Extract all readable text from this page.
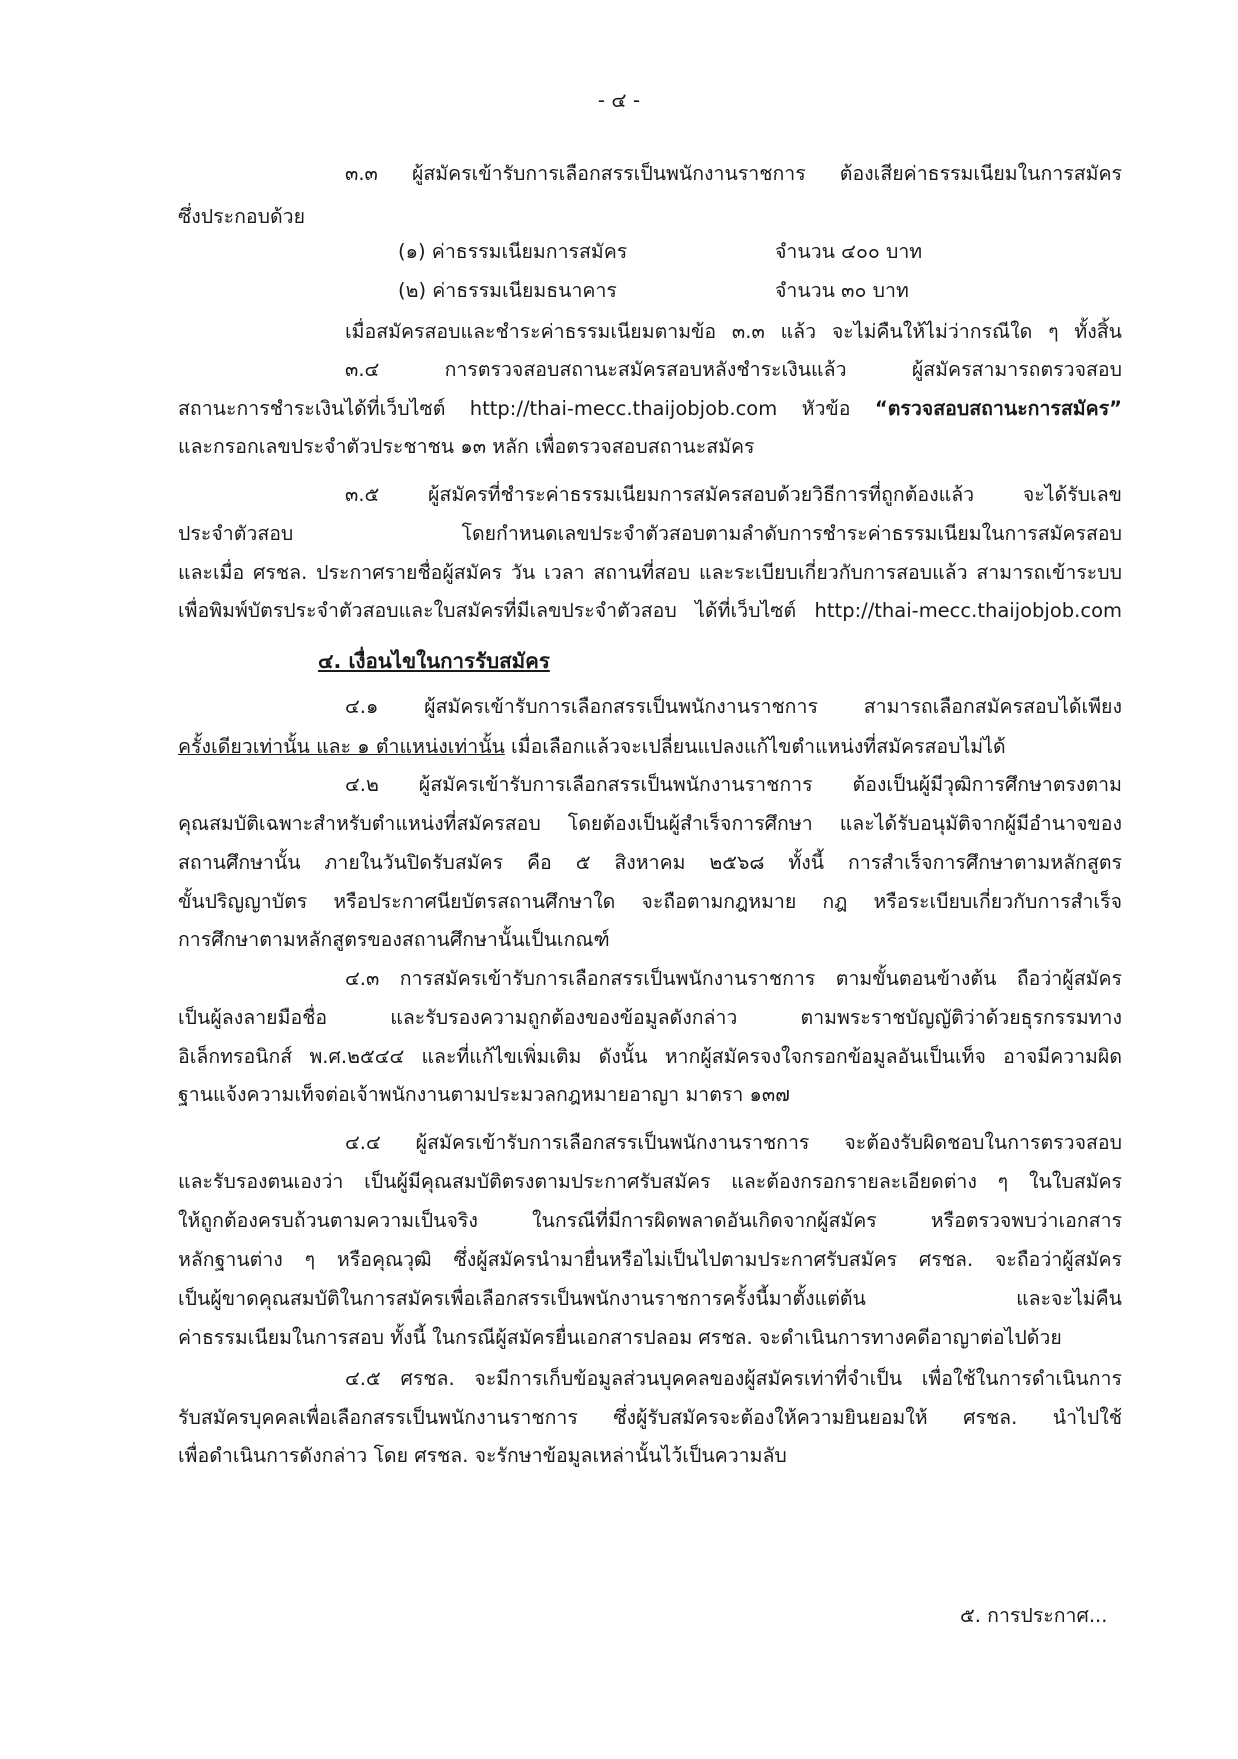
- ๔ -
๓.๓ ผู้สมัครเข้ารับการเลือกสรรเป็นพนักงานราชการ ต้องเสียค่าธรรมเนียมในการสมัคร
ซึ่งประกอบด้วย
(๑) ค่าธรรมเนียมการสมัคร	จำนวน ๔๐๐ บาท
(๒) ค่าธรรมเนียมธนาคาร	จำนวน ๓๐ บาท
เมื่อสมัครสอบและชำระค่าธรรมเนียมตามข้อ ๓.๓ แล้ว จะไม่คืนให้ไม่ว่ากรณีใด ๆ ทั้งสิ้น
๓.๔ การตรวจสอบสถานะสมัครสอบหลังชำระเงินแล้ว ผู้สมัครสามารถตรวจสอบ
สถานะการชำระเงินได้ที่เว็บไซต์ http://thai-mecc.thaijobjob.com หัวข้อ “ตรวจสอบสถานะการสมัคร”
และกรอกเลขประจำตัวประชาชน ๑๓ หลัก เพื่อตรวจสอบสถานะสมัคร
๓.๕ ผู้สมัครที่ชำระค่าธรรมเนียมการสมัครสอบด้วยวิธีการที่ถูกต้องแล้ว จะได้รับเลข
ประจำตัวสอบ โดยกำหนดเลขประจำตัวสอบตามลำดับการชำระค่าธรรมเนียมในการสมัครสอบ
และเมื่อ ศรชล. ประกาศรายชื่อผู้สมัคร วัน เวลา สถานที่สอบ และระเบียบเกี่ยวกับการสอบแล้ว สามารถเข้าระบบ
เพื่อพิมพ์บัตรประจำตัวสอบและใบสมัครที่มีเลขประจำตัวสอบ ได้ที่เว็บไซต์ http://thai-mecc.thaijobjob.com
๔. เงื่อนไขในการรับสมัคร
๔.๑ ผู้สมัครเข้ารับการเลือกสรรเป็นพนักงานราชการ สามารถเลือกสมัครสอบได้เพียง
ครั้งเดียวเท่านั้น และ ๑ ตำแหน่งเท่านั้น เมื่อเลือกแล้วจะเปลี่ยนแปลงแก้ไขตำแหน่งที่สมัครสอบไม่ได้
๔.๒ ผู้สมัครเข้ารับการเลือกสรรเป็นพนักงานราชการ ต้องเป็นผู้มีวุฒิการศึกษาตรงตาม
คุณสมบัติเฉพาะสำหรับตำแหน่งที่สมัครสอบ โดยต้องเป็นผู้สำเร็จการศึกษา และได้รับอนุมัติจากผู้มีอำนาจของ
สถานศึกษานั้น ภายในวันปิดรับสมัคร คือ ๕ สิงหาคม ๒๕๖๘ ทั้งนี้ การสำเร็จการศึกษาตามหลักสูตร
ขั้นปริญญาบัตร หรือประกาศนียบัตรสถานศึกษาใด จะถือตามกฎหมาย กฎ หรือระเบียบเกี่ยวกับการสำเร็จ
การศึกษาตามหลักสูตรของสถานศึกษานั้นเป็นเกณฑ์
๔.๓ การสมัครเข้ารับการเลือกสรรเป็นพนักงานราชการ ตามขั้นตอนข้างต้น ถือว่าผู้สมัคร
เป็นผู้ลงลายมือชื่อ และรับรองความถูกต้องของข้อมูลดังกล่าว ตามพระราชบัญญัติว่าด้วยธุรกรรมทาง
อิเล็กทรอนิกส์ พ.ศ.๒๕๔๔ และที่แก้ไขเพิ่มเติม ดังนั้น หากผู้สมัครจงใจกรอกข้อมูลอันเป็นเท็จ อาจมีความผิด
ฐานแจ้งความเท็จต่อเจ้าพนักงานตามประมวลกฎหมายอาญา มาตรา ๑๓๗
๔.๔ ผู้สมัครเข้ารับการเลือกสรรเป็นพนักงานราชการ จะต้องรับผิดชอบในการตรวจสอบ
และรับรองตนเองว่า เป็นผู้มีคุณสมบัติตรงตามประกาศรับสมัคร และต้องกรอกรายละเอียดต่าง ๆ ในใบสมัคร
ให้ถูกต้องครบถ้วนตามความเป็นจริง ในกรณีที่มีการผิดพลาดอันเกิดจากผู้สมัคร หรือตรวจพบว่าเอกสาร
หลักฐานต่าง ๆ หรือคุณวุฒิ ซึ่งผู้สมัครนำมายื่นหรือไม่เป็นไปตามประกาศรับสมัคร ศรชล. จะถือว่าผู้สมัคร
เป็นผู้ขาดคุณสมบัติในการสมัครเพื่อเลือกสรรเป็นพนักงานราชการครั้งนี้มาตั้งแต่ต้น และจะไม่คืน
ค่าธรรมเนียมในการสอบ ทั้งนี้ ในกรณีผู้สมัครยื่นเอกสารปลอม ศรชล. จะดำเนินการทางคดีอาญาต่อไปด้วย
๔.๕ ศรชล. จะมีการเก็บข้อมูลส่วนบุคคลของผู้สมัครเท่าที่จำเป็น เพื่อใช้ในการดำเนินการ
รับสมัครบุคคลเพื่อเลือกสรรเป็นพนักงานราชการ ซึ่งผู้รับสมัครจะต้องให้ความยินยอมให้ ศรชล. นำไปใช้
เพื่อดำเนินการดังกล่าว โดย ศรชล. จะรักษาข้อมูลเหล่านั้นไว้เป็นความลับ
๕. การประกาศ...
